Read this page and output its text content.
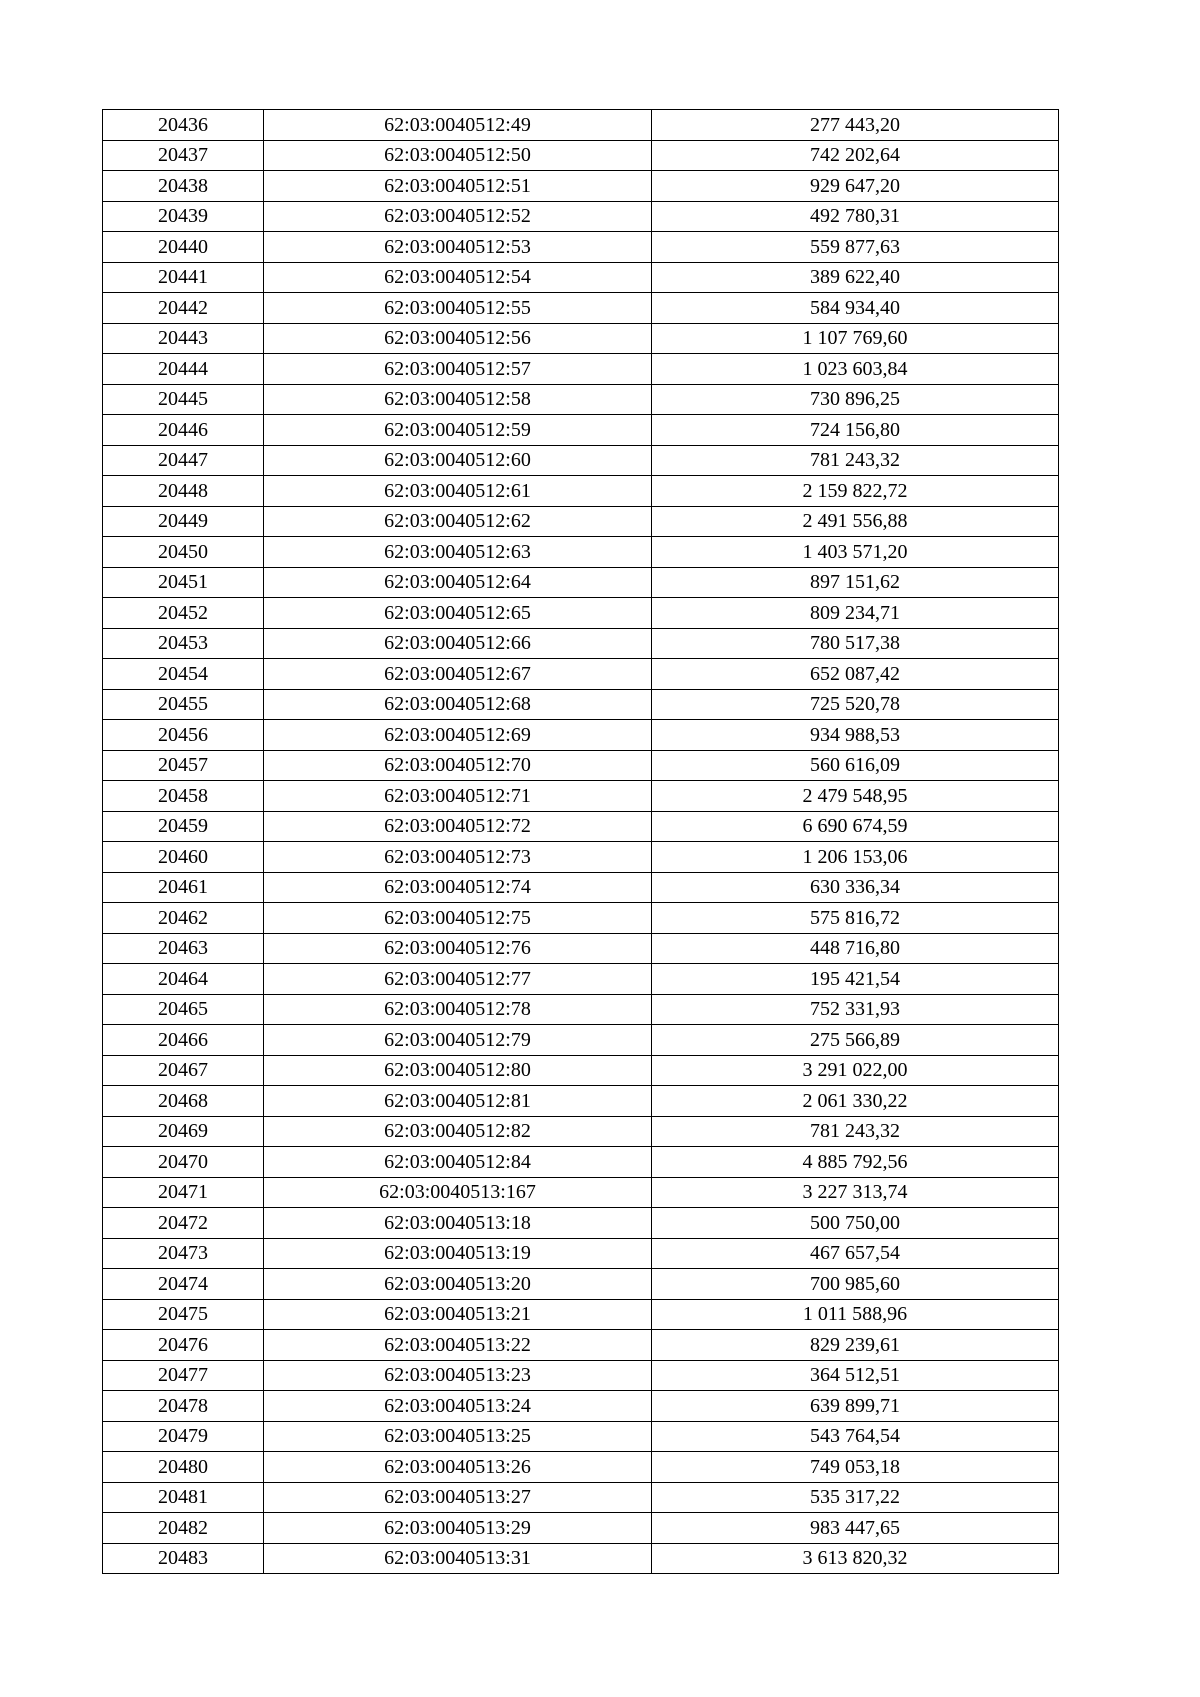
20436	62:03:0040512:49	277 443,20
20437	62:03:0040512:50	742 202,64
20438	62:03:0040512:51	929 647,20
20439	62:03:0040512:52	492 780,31
20440	62:03:0040512:53	559 877,63
20441	62:03:0040512:54	389 622,40
20442	62:03:0040512:55	584 934,40
20443	62:03:0040512:56	1 107 769,60
20444	62:03:0040512:57	1 023 603,84
20445	62:03:0040512:58	730 896,25
20446	62:03:0040512:59	724 156,80
20447	62:03:0040512:60	781 243,32
20448	62:03:0040512:61	2 159 822,72
20449	62:03:0040512:62	2 491 556,88
20450	62:03:0040512:63	1 403 571,20
20451	62:03:0040512:64	897 151,62
20452	62:03:0040512:65	809 234,71
20453	62:03:0040512:66	780 517,38
20454	62:03:0040512:67	652 087,42
20455	62:03:0040512:68	725 520,78
20456	62:03:0040512:69	934 988,53
20457	62:03:0040512:70	560 616,09
20458	62:03:0040512:71	2 479 548,95
20459	62:03:0040512:72	6 690 674,59
20460	62:03:0040512:73	1 206 153,06
20461	62:03:0040512:74	630 336,34
20462	62:03:0040512:75	575 816,72
20463	62:03:0040512:76	448 716,80
20464	62:03:0040512:77	195 421,54
20465	62:03:0040512:78	752 331,93
20466	62:03:0040512:79	275 566,89
20467	62:03:0040512:80	3 291 022,00
20468	62:03:0040512:81	2 061 330,22
20469	62:03:0040512:82	781 243,32
20470	62:03:0040512:84	4 885 792,56
20471	62:03:0040513:167	3 227 313,74
20472	62:03:0040513:18	500 750,00
20473	62:03:0040513:19	467 657,54
20474	62:03:0040513:20	700 985,60
20475	62:03:0040513:21	1 011 588,96
20476	62:03:0040513:22	829 239,61
20477	62:03:0040513:23	364 512,51
20478	62:03:0040513:24	639 899,71
20479	62:03:0040513:25	543 764,54
20480	62:03:0040513:26	749 053,18
20481	62:03:0040513:27	535 317,22
20482	62:03:0040513:29	983 447,65
20483	62:03:0040513:31	3 613 820,32
